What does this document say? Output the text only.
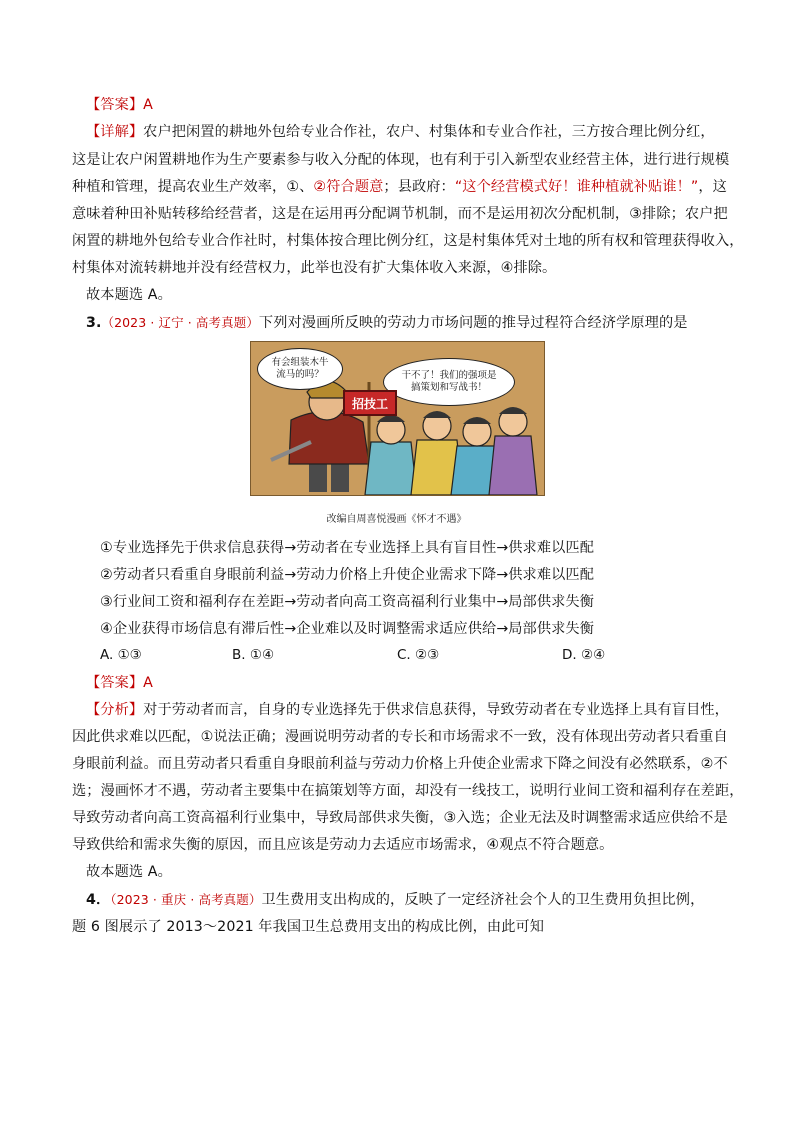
【答案】A
【详解】农户把闲置的耕地外包给专业合作社，农户、村集体和专业合作社，三方按合理比例分红，
这是让农户闲置耕地作为生产要素参与收入分配的体现，也有利于引入新型农业经营主体，进行进行规模
种植和管理，提高农业生产效率，①、②符合题意；县政府：“这个经营模式好！谁种植就补贴谁！”，这
意味着种田补贴转移给经营者，这是在运用再分配调节机制，而不是运用初次分配机制，③排除；农户把
闲置的耕地外包给专业合作社时，村集体按合理比例分红，这是村集体凭对土地的所有权和管理获得收入，
村集体对流转耕地并没有经营权力，此举也没有扩大集体收入来源，④排除。
故本题选 A。
3.（2023 · 辽宁 · 高考真题）下列对漫画所反映的劳动力市场问题的推导过程符合经济学原理的是
有会组装木牛流马的吗？	干不了！我们的强项是搞策划和写战书！
招技工
改编自周喜悦漫画《怀才不遇》
①专业选择先于供求信息获得→劳动者在专业选择上具有盲目性→供求难以匹配
②劳动者只看重自身眼前利益→劳动力价格上升使企业需求下降→供求难以匹配
③行业间工资和福利存在差距→劳动者向高工资高福利行业集中→局部供求失衡
④企业获得市场信息有滞后性→企业难以及时调整需求适应供给→局部供求失衡
A. ①③	B. ①④	C. ②③	D. ②④
【答案】A
【分析】对于劳动者而言，自身的专业选择先于供求信息获得，导致劳动者在专业选择上具有盲目性，
因此供求难以匹配，①说法正确；漫画说明劳动者的专长和市场需求不一致，没有体现出劳动者只看重自
身眼前利益。而且劳动者只看重自身眼前利益与劳动力价格上升使企业需求下降之间没有必然联系，②不
选；漫画怀才不遇，劳动者主要集中在搞策划等方面，却没有一线技工，说明行业间工资和福利存在差距，
导致劳动者向高工资高福利行业集中，导致局部供求失衡，③入选；企业无法及时调整需求适应供给不是
导致供给和需求失衡的原因，而且应该是劳动力去适应市场需求，④观点不符合题意。
故本题选 A。
4．（2023 · 重庆 · 高考真题）卫生费用支出构成的，反映了一定经济社会个人的卫生费用负担比例，
题 6 图展示了 2013～2021 年我国卫生总费用支出的构成比例，由此可知
